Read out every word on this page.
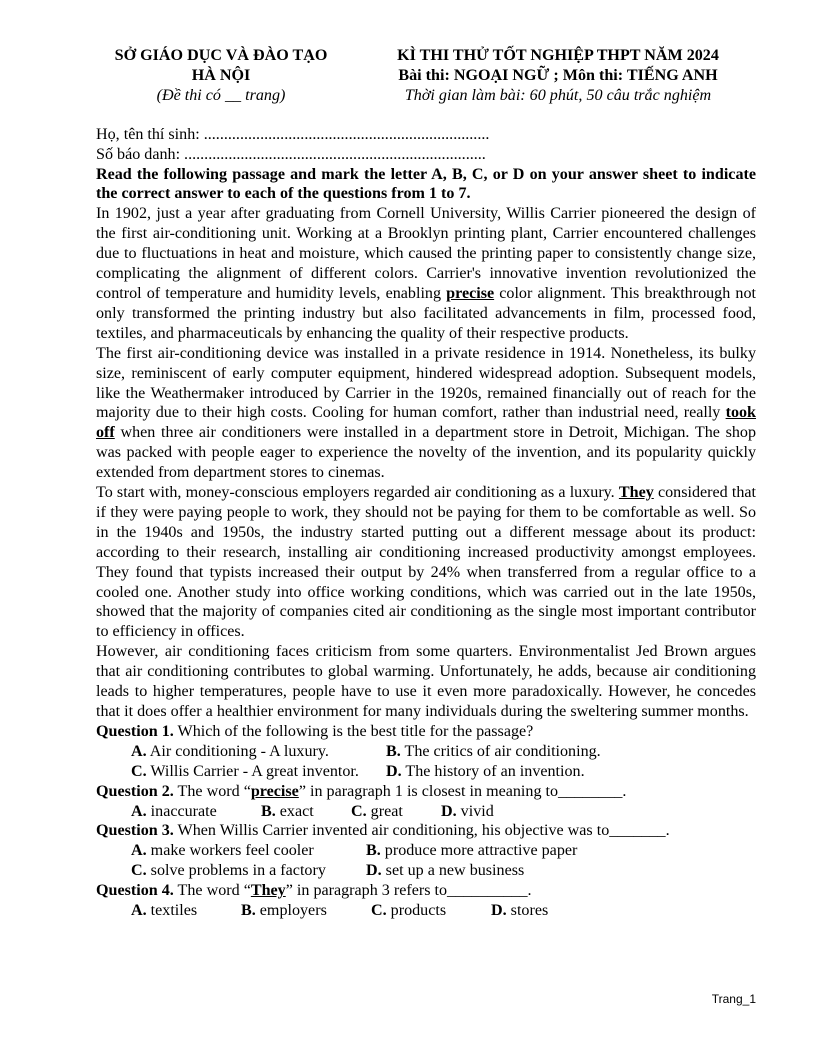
SỞ GIÁO DỤC VÀ ĐÀO TẠO
HÀ NỘI
(Đề thi có __ trang)
KÌ THI THỬ TỐT NGHIỆP THPT NĂM 2024
Bài thi: NGOẠI NGỮ ; Môn thi: TIẾNG ANH
Thời gian làm bài: 60 phút, 50 câu trắc nghiệm
Họ, tên thí sinh: .......................................................................
Số báo danh: ...........................................................................
Read the following passage and mark the letter A, B, C, or D on your answer sheet to indicate the correct answer to each of the questions from 1 to 7.
In 1902, just a year after graduating from Cornell University, Willis Carrier pioneered the design of the first air-conditioning unit. Working at a Brooklyn printing plant, Carrier encountered challenges due to fluctuations in heat and moisture, which caused the printing paper to consistently change size, complicating the alignment of different colors. Carrier's innovative invention revolutionized the control of temperature and humidity levels, enabling precise color alignment. This breakthrough not only transformed the printing industry but also facilitated advancements in film, processed food, textiles, and pharmaceuticals by enhancing the quality of their respective products.
The first air-conditioning device was installed in a private residence in 1914. Nonetheless, its bulky size, reminiscent of early computer equipment, hindered widespread adoption. Subsequent models, like the Weathermaker introduced by Carrier in the 1920s, remained financially out of reach for the majority due to their high costs. Cooling for human comfort, rather than industrial need, really took off when three air conditioners were installed in a department store in Detroit, Michigan. The shop was packed with people eager to experience the novelty of the invention, and its popularity quickly extended from department stores to cinemas.
To start with, money-conscious employers regarded air conditioning as a luxury. They considered that if they were paying people to work, they should not be paying for them to be comfortable as well. So in the 1940s and 1950s, the industry started putting out a different message about its product: according to their research, installing air conditioning increased productivity amongst employees. They found that typists increased their output by 24% when transferred from a regular office to a cooled one. Another study into office working conditions, which was carried out in the late 1950s, showed that the majority of companies cited air conditioning as the single most important contributor to efficiency in offices.
However, air conditioning faces criticism from some quarters. Environmentalist Jed Brown argues that air conditioning contributes to global warming. Unfortunately, he adds, because air conditioning leads to higher temperatures, people have to use it even more paradoxically. However, he concedes that it does offer a healthier environment for many individuals during the sweltering summer months.
Question 1. Which of the following is the best title for the passage?
A. Air conditioning - A luxury.	B. The critics of air conditioning.
C. Willis Carrier - A great inventor.	D. The history of an invention.
Question 2. The word “precise” in paragraph 1 is closest in meaning to________.
A. inaccurate	B. exact	C. great	D. vivid
Question 3. When Willis Carrier invented air conditioning, his objective was to_______.
A. make workers feel cooler	B. produce more attractive paper
C. solve problems in a factory	D. set up a new business
Question 4. The word “They” in paragraph 3 refers to__________.
A. textiles	B. employers	C. products	D. stores
Trang_1
